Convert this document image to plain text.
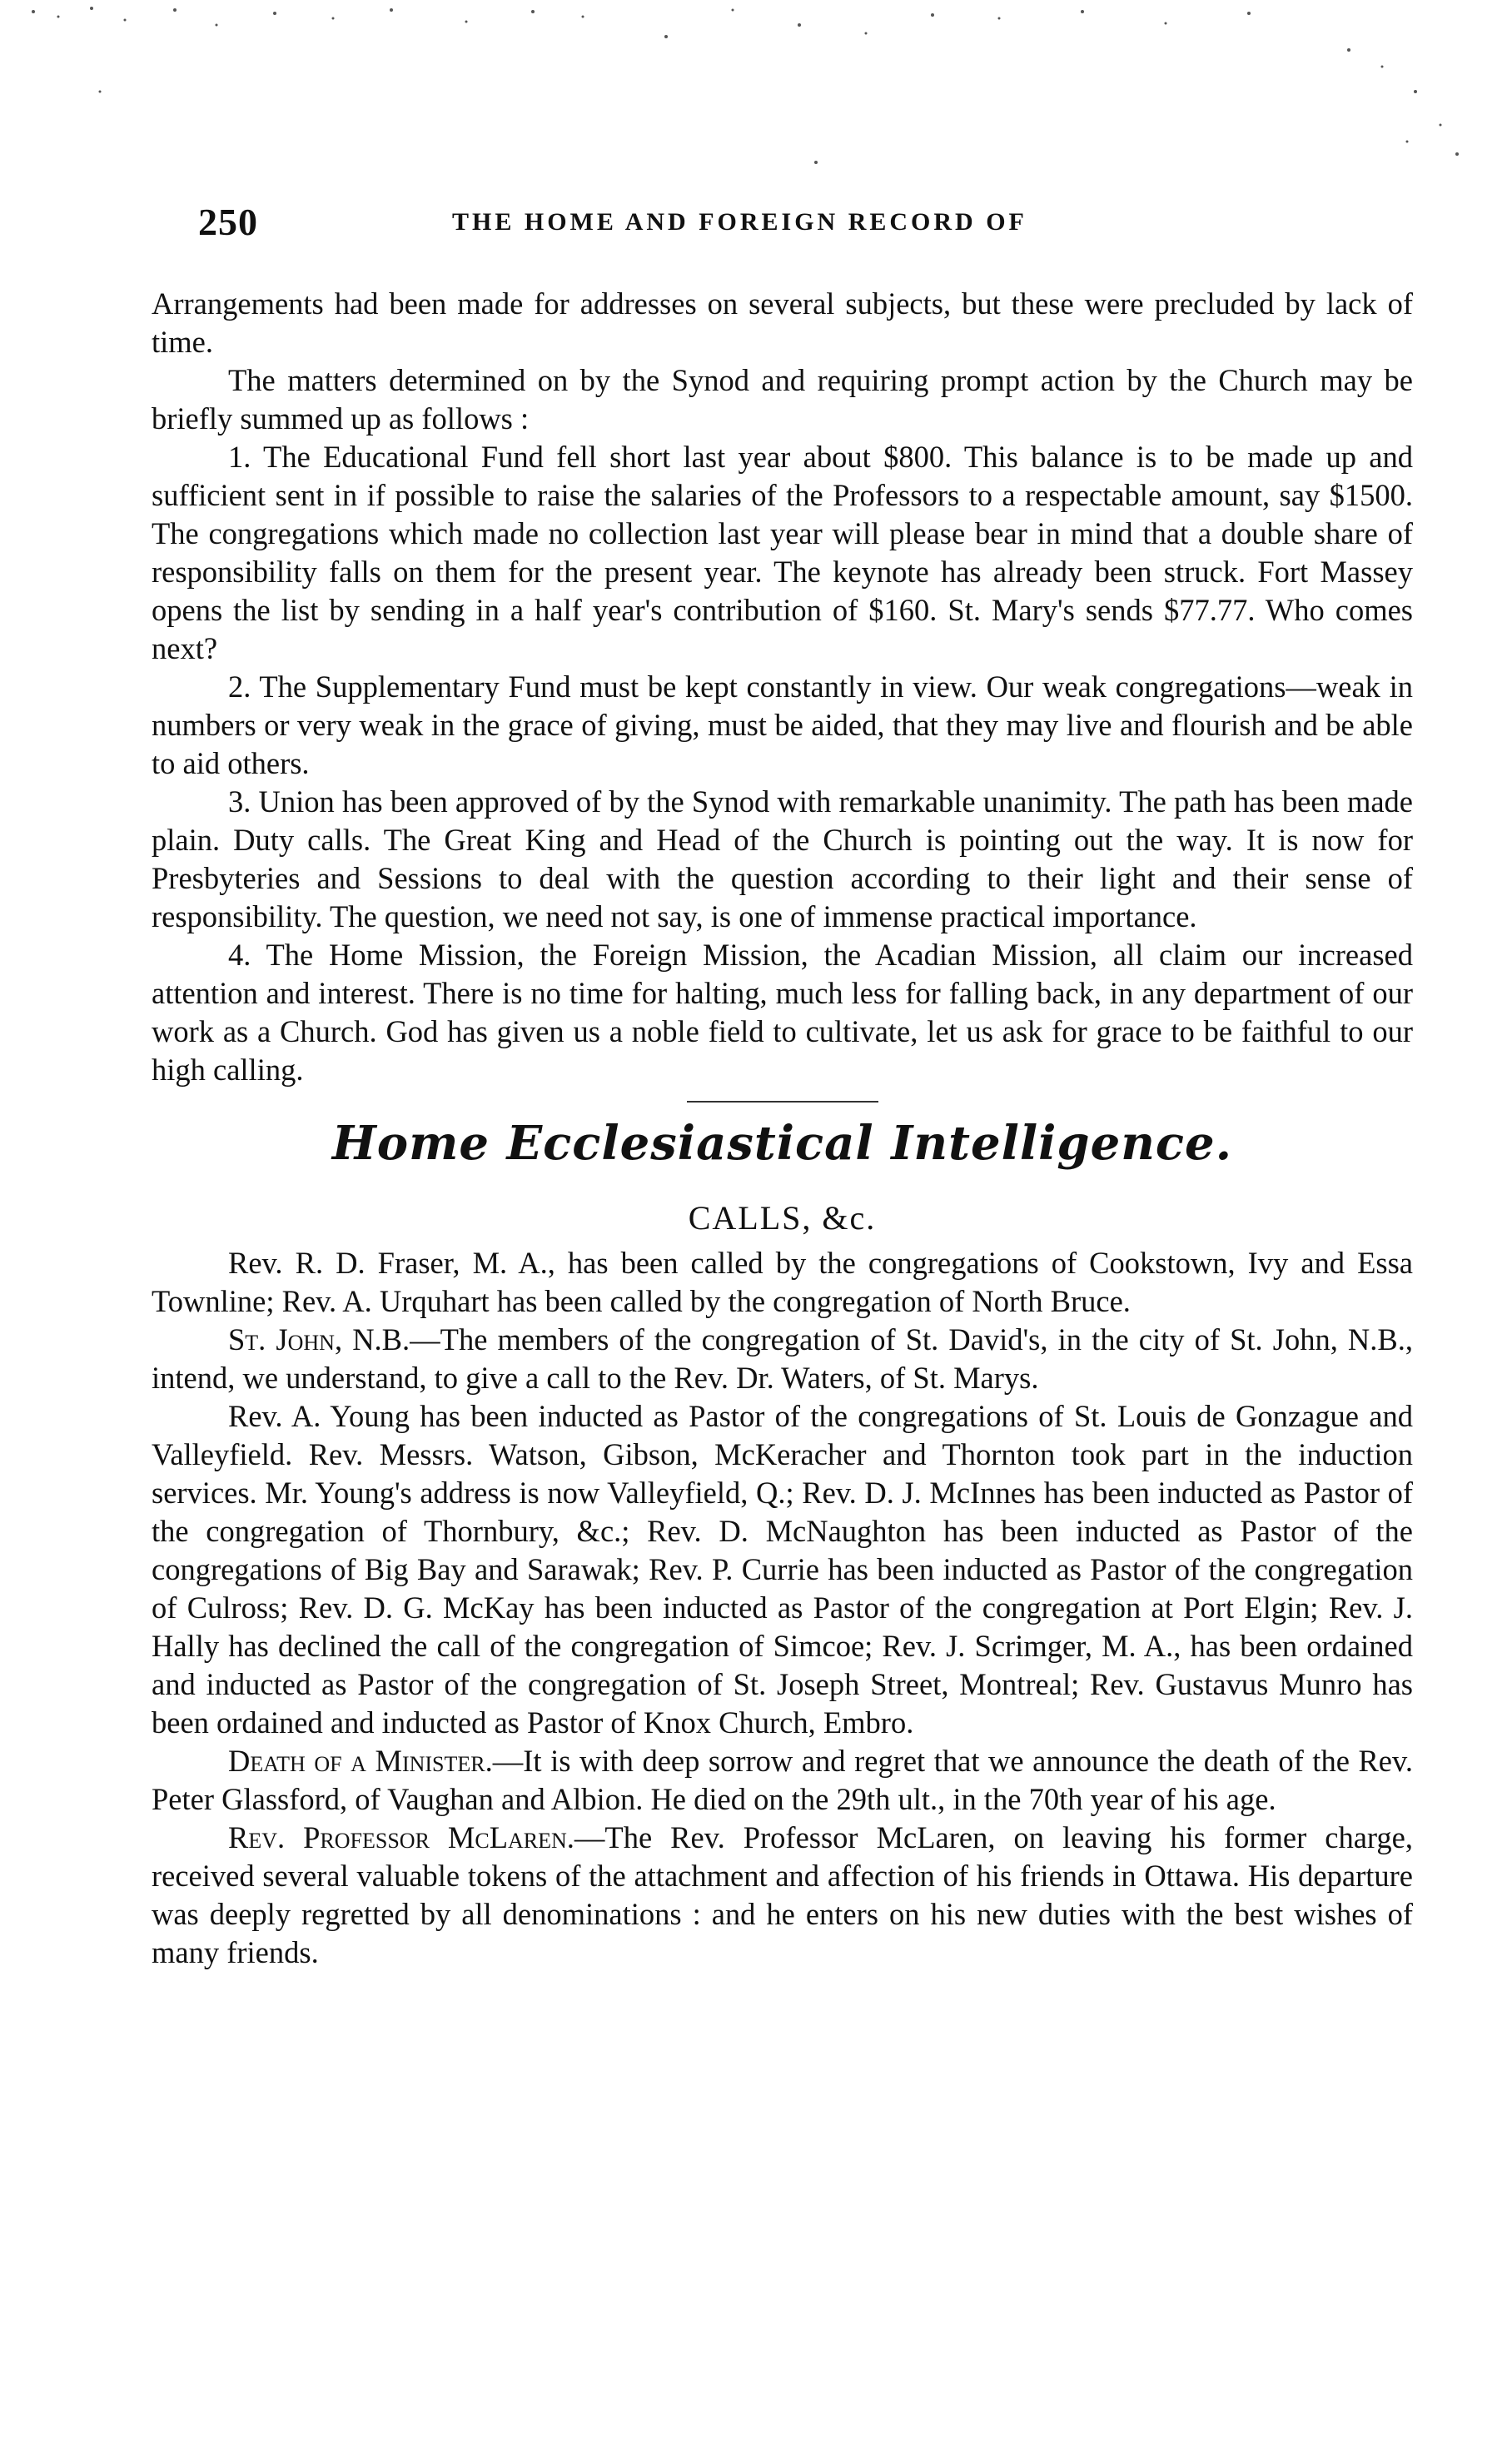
250	THE HOME AND FOREIGN RECORD OF

Arrangements had been made for addresses on several subjects, but these were precluded by lack of time.

The matters determined on by the Synod and requiring prompt action by the Church may be briefly summed up as follows :

1. The Educational Fund fell short last year about $800. This balance is to be made up and sufficient sent in if possible to raise the salaries of the Professors to a respectable amount, say $1500. The congregations which made no collection last year will please bear in mind that a double share of responsibility falls on them for the present year. The keynote has already been struck. Fort Massey opens the list by sending in a half year's contribution of $160. St. Mary's sends $77.77. Who comes next?

2. The Supplementary Fund must be kept constantly in view. Our weak congregations—weak in numbers or very weak in the grace of giving, must be aided, that they may live and flourish and be able to aid others.

3. Union has been approved of by the Synod with remarkable unanimity. The path has been made plain. Duty calls. The Great King and Head of the Church is pointing out the way. It is now for Presbyteries and Sessions to deal with the question according to their light and their sense of responsibility. The question, we need not say, is one of immense practical importance.

4. The Home Mission, the Foreign Mission, the Acadian Mission, all claim our increased attention and interest. There is no time for halting, much less for falling back, in any department of our work as a Church. God has given us a noble field to cultivate, let us ask for grace to be faithful to our high calling.

Home Ecclesiastical Intelligence.
CALLS, &c.

Rev. R. D. Fraser, M. A., has been called by the congregations of Cookstown, Ivy and Essa Townline; Rev. A. Urquhart has been called by the congregation of North Bruce.

St. John, N.B.—The members of the congregation of St. David's, in the city of St. John, N.B., intend, we understand, to give a call to the Rev. Dr. Waters, of St. Marys.

Rev. A. Young has been inducted as Pastor of the congregations of St. Louis de Gonzague and Valleyfield. Rev. Messrs. Watson, Gibson, McKeracher and Thornton took part in the induction services. Mr. Young's address is now Valleyfield, Q.; Rev. D. J. McInnes has been inducted as Pastor of the congregation of Thornbury, &c.; Rev. D. McNaughton has been inducted as Pastor of the congregations of Big Bay and Sarawak; Rev. P. Currie has been inducted as Pastor of the congregation of Culross; Rev. D. G. McKay has been inducted as Pastor of the congregation at Port Elgin; Rev. J. Hally has declined the call of the congregation of Simcoe; Rev. J. Scrimger, M. A., has been ordained and inducted as Pastor of the congregation of St. Joseph Street, Montreal; Rev. Gustavus Munro has been ordained and inducted as Pastor of Knox Church, Embro.

Death of a Minister.—It is with deep sorrow and regret that we announce the death of the Rev. Peter Glassford, of Vaughan and Albion. He died on the 29th ult., in the 70th year of his age.

Rev. Professor McLaren.—The Rev. Professor McLaren, on leaving his former charge, received several valuable tokens of the attachment and affection of his friends in Ottawa. His departure was deeply regretted by all denominations : and he enters on his new duties with the best wishes of many friends.
